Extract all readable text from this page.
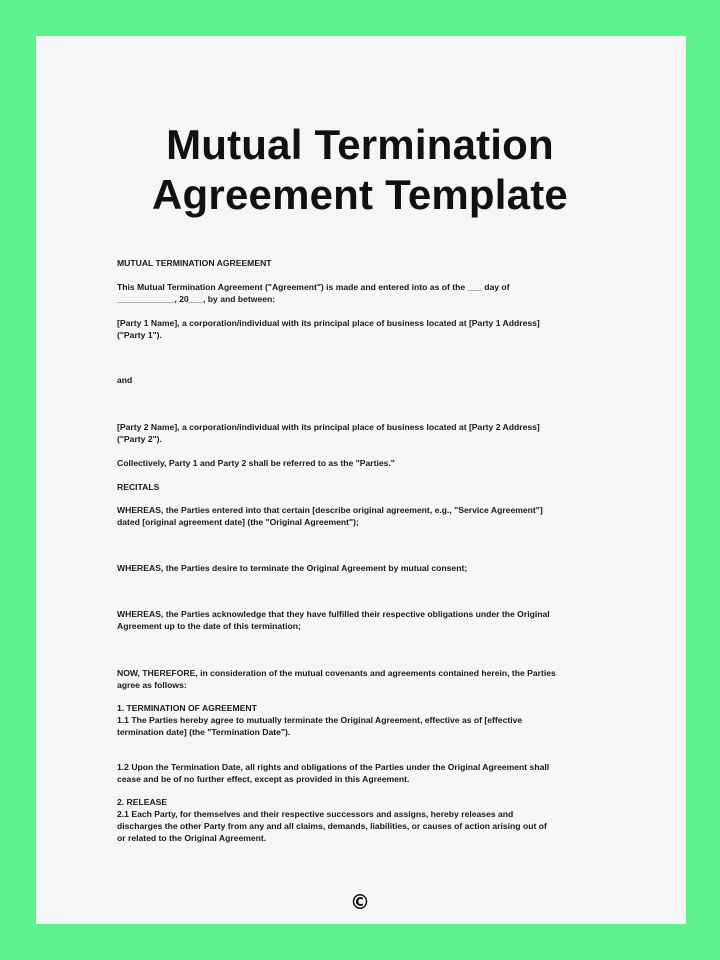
Mutual Termination
Agreement Template
MUTUAL TERMINATION AGREEMENT
This Mutual Termination Agreement ("Agreement") is made and entered into as of the ___ day of
____________, 20___, by and between:
[Party 1 Name], a corporation/individual with its principal place of business located at [Party 1 Address]
("Party 1").
and
[Party 2 Name], a corporation/individual with its principal place of business located at [Party 2 Address]
("Party 2").
Collectively, Party 1 and Party 2 shall be referred to as the "Parties."
RECITALS
WHEREAS, the Parties entered into that certain [describe original agreement, e.g., "Service Agreement"]
dated [original agreement date] (the "Original Agreement");
WHEREAS, the Parties desire to terminate the Original Agreement by mutual consent;
WHEREAS, the Parties acknowledge that they have fulfilled their respective obligations under the Original
Agreement up to the date of this termination;
NOW, THEREFORE, in consideration of the mutual covenants and agreements contained herein, the Parties
agree as follows:
1. TERMINATION OF AGREEMENT
1.1 The Parties hereby agree to mutually terminate the Original Agreement, effective as of [effective
termination date] (the "Termination Date").
1.2 Upon the Termination Date, all rights and obligations of the Parties under the Original Agreement shall
cease and be of no further effect, except as provided in this Agreement.
2. RELEASE
2.1 Each Party, for themselves and their respective successors and assigns, hereby releases and
discharges the other Party from any and all claims, demands, liabilities, or causes of action arising out of
or related to the Original Agreement.
©
